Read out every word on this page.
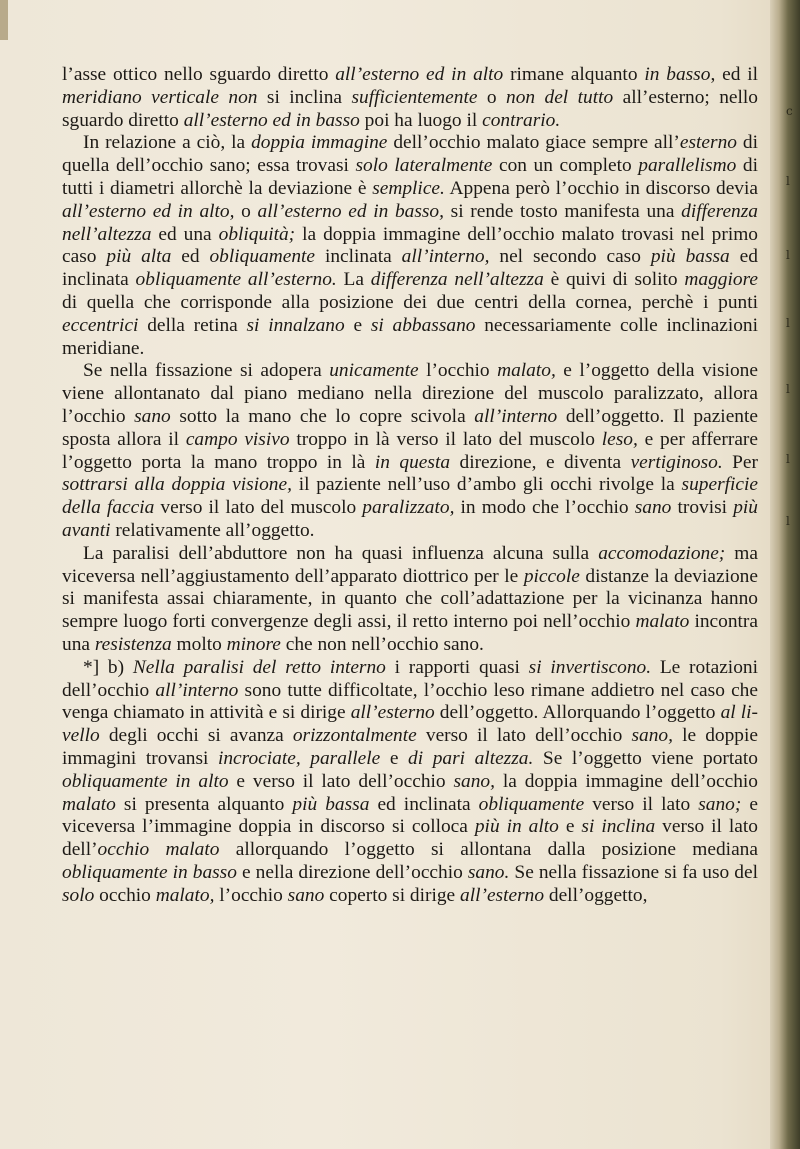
l’asse ottico nello sguardo diretto all’esterno ed in alto rimane alquanto in basso, ed il meridiano verticale non si inclina sufficientemente o non del tutto all’esterno; nello sguardo diretto all’esterno ed in basso poi ha luogo il contrario.

In relazione a ciò, la doppia immagine dell’occhio malato giace sempre all’esterno di quella dell’occhio sano; essa trovasi solo lateralmente con un completo parallelismo di tutti i diametri allorchè la deviazione è semplice. Appena però l’occhio in discorso devia all’esterno ed in alto, o all’esterno ed in basso, si rende tosto manifesta una differenza nell’altezza ed una obliquità; la doppia immagine dell’occhio malato trovasi nel primo caso più alta ed obliquamente inclinata all’interno, nel secondo caso più bassa ed inclinata obliquamente all’esterno. La differenza nell’altezza è quivi di solito maggiore di quella che corrisponde alla posizione dei due centri della cornea, perchè i punti eccentrici della retina si innalzano e si abbassano necessariamente colle inclinazioni meridiane.

Se nella fissazione si adopera unicamente l’occhio malato, e l’oggetto della visione viene allontanato dal piano mediano nella direzione del muscolo paralizzato, allora l’occhio sano sotto la mano che lo copre scivola all’interno dell’oggetto. Il paziente sposta allora il campo visivo troppo in là verso il lato del muscolo leso, e per afferrare l’oggetto porta la mano troppo in là in questa direzione, e diventa vertiginoso. Per sottrarsi alla doppia visione, il paziente nell’uso d’ambo gli occhi rivolge la superficie della faccia verso il lato del muscolo paralizzato, in modo che l’occhio sano trovisi più avanti relativamente all’oggetto.

La paralisi dell’abduttore non ha quasi influenza alcuna sulla accomodazione; ma viceversa nell’aggiustamento dell’apparato diottrico per le piccole distanze la deviazione si manifesta assai chiaramente, in quanto che coll’adattazione per la vicinanza hanno sempre luogo forti convergenze degli assi, il retto interno poi nell’occhio malato incontra una resistenza molto minore che non nell’occhio sano.

*] b) Nella paralisi del retto interno i rapporti quasi si invertiscono. Le rotazioni dell’occhio all’interno sono tutte difficoltate, l’occhio leso rimane addietro nel caso che venga chiamato in attività e si dirige all’esterno dell’oggetto. Allorquando l’oggetto al livello degli occhi si avanza orizzontalmente verso il lato dell’occhio sano, le doppie immagini trovansi incrociate, parallele e di pari altezza. Se l’oggetto viene portato obliquamente in alto e verso il lato dell’occhio sano, la doppia immagine dell’occhio malato si presenta alquanto più bassa ed inclinata obliquamente verso il lato sano; e viceversa l’immagine doppia in discorso si colloca più in alto e si inclina verso il lato dell’occhio malato allorquando l’oggetto si allontana dalla posizione mediana obliquamente in basso e nella direzione dell’occhio sano. Se nella fissazione si fa uso del solo occhio malato, l’occhio sano coperto si dirige all’esterno dell’oggetto,

c
l
l
l
l
l
l
